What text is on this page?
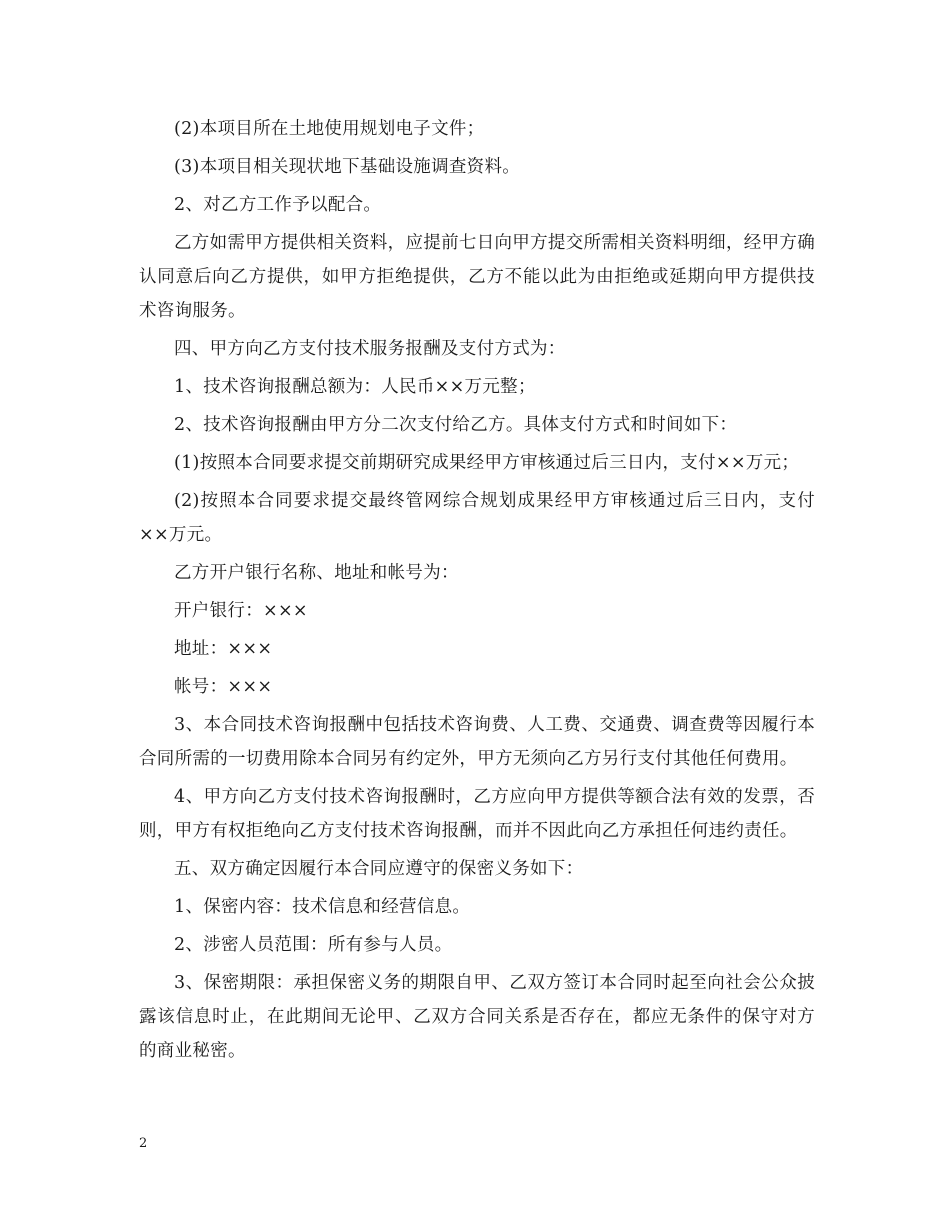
(2)本项目所在土地使用规划电子文件；

(3)本项目相关现状地下基础设施调查资料。

2、对乙方工作予以配合。

乙方如需甲方提供相关资料，应提前七日向甲方提交所需相关资料明细，经甲方确认同意后向乙方提供，如甲方拒绝提供，乙方不能以此为由拒绝或延期向甲方提供技术咨询服务。

四、甲方向乙方支付技术服务报酬及支付方式为：

1、技术咨询报酬总额为：人民币××万元整；

2、技术咨询报酬由甲方分二次支付给乙方。具体支付方式和时间如下：

(1)按照本合同要求提交前期研究成果经甲方审核通过后三日内，支付××万元；

(2)按照本合同要求提交最终管网综合规划成果经甲方审核通过后三日内，支付××万元。

乙方开户银行名称、地址和帐号为：

开户银行：×××

地址：×××

帐号：×××

3、本合同技术咨询报酬中包括技术咨询费、人工费、交通费、调查费等因履行本合同所需的一切费用除本合同另有约定外，甲方无须向乙方另行支付其他任何费用。

4、甲方向乙方支付技术咨询报酬时，乙方应向甲方提供等额合法有效的发票，否则，甲方有权拒绝向乙方支付技术咨询报酬，而并不因此向乙方承担任何违约责任。

五、双方确定因履行本合同应遵守的保密义务如下：

1、保密内容：技术信息和经营信息。

2、涉密人员范围：所有参与人员。

3、保密期限：承担保密义务的期限自甲、乙双方签订本合同时起至向社会公众披露该信息时止，在此期间无论甲、乙双方合同关系是否存在，都应无条件的保守对方的商业秘密。

2
